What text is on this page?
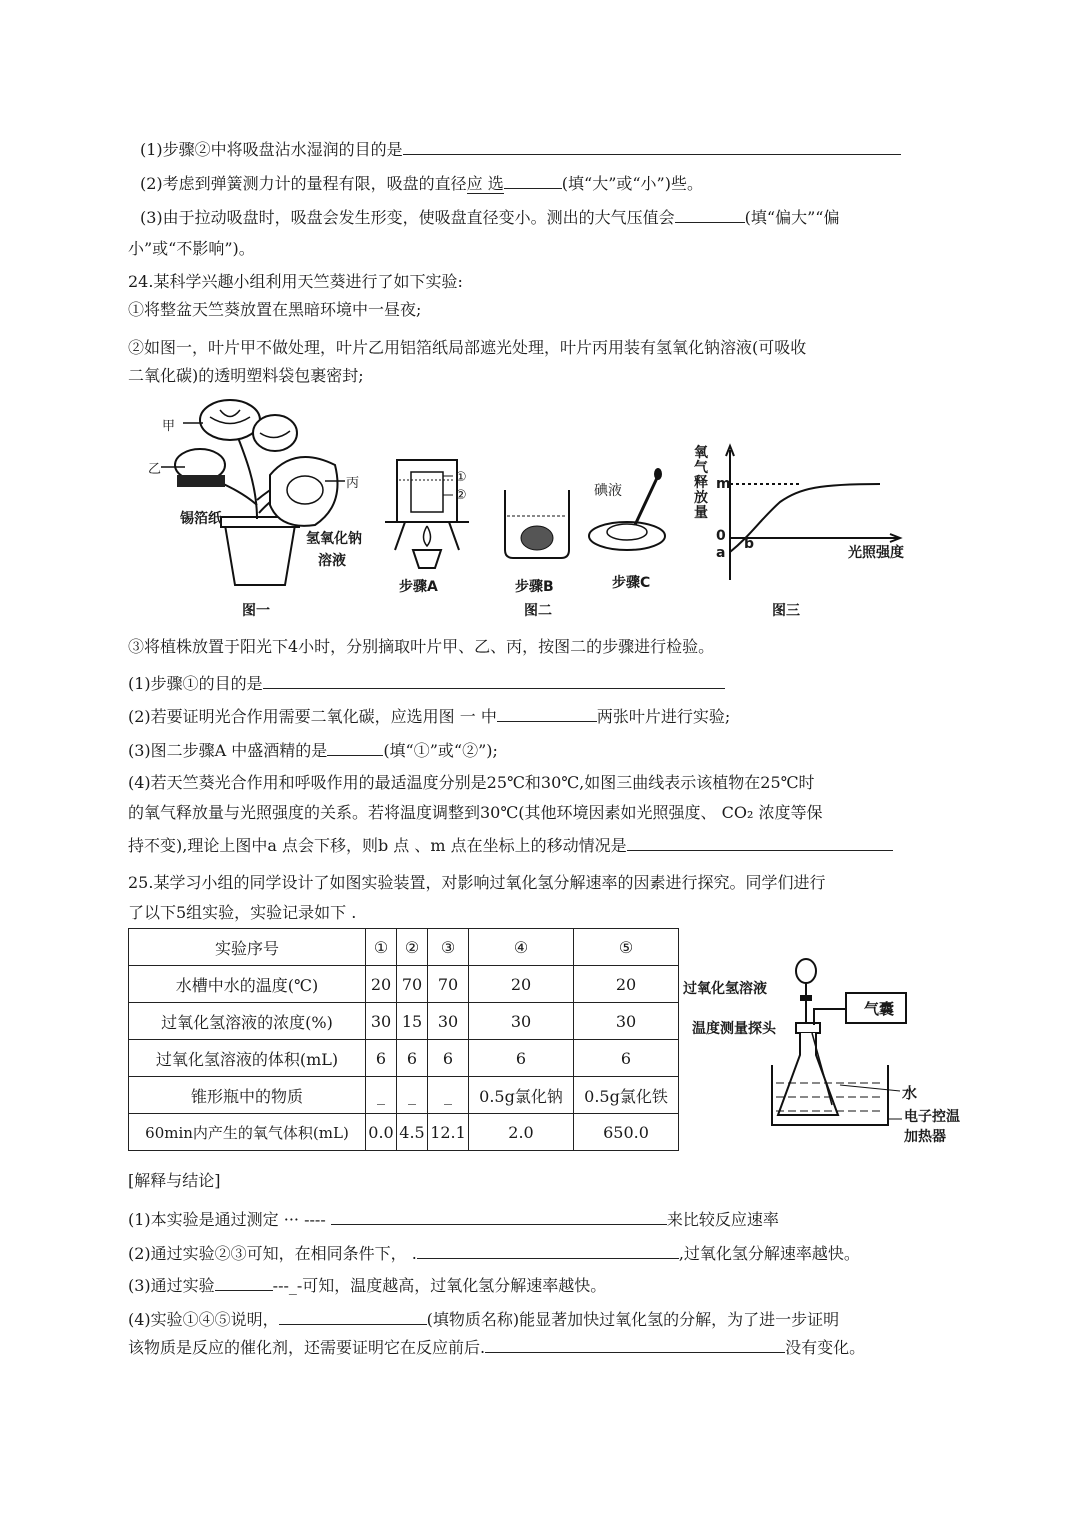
(1)步骤②中将吸盘沾水湿润的目的是
(2)考虑到弹簧测力计的量程有限，吸盘的直径应 选	(填“大”或“小”)些。
(3)由于拉动吸盘时，吸盘会发生形变，使吸盘直径变小。测出的大气压值会	(填“偏大”“偏
小”或“不影响”)。
24.某科学兴趣小组利用天竺葵进行了如下实验:
①将整盆天竺葵放置在黑暗环境中一昼夜;
②如图一，叶片甲不做处理，叶片乙用铝箔纸局部遮光处理，叶片丙用装有氢氧化钠溶液(可吸收
二氧化碳)的透明塑料袋包裹密封;
甲
乙
丙
锡箔纸
氢氧化钠
溶液
图一
①
②
步骤A	步骤B	步骤C
碘液
图二
氧
气
释
放
量
m
0
a
b
光照强度
图三
③将植株放置于阳光下4小时，分别摘取叶片甲、乙、丙，按图二的步骤进行检验。
(1)步骤①的目的是
(2)若要证明光合作用需要二氧化碳，应选用图 一 中	两张叶片进行实验;
(3)图二步骤A 中盛酒精的是	(填“①”或“②”);
(4)若天竺葵光合作用和呼吸作用的最适温度分别是25℃和30℃,如图三曲线表示该植物在25℃时
的氧气释放量与光照强度的关系。若将温度调整到30℃(其他环境因素如光照强度、 CO₂ 浓度等保
持不变),理论上图中a 点会下移，则b 点 、m 点在坐标上的移动情况是
25.某学习小组的同学设计了如图实验装置，对影响过氧化氢分解速率的因素进行探究。同学们进行
了以下5组实验，实验记录如下 .
实验序号	①	②	③	④	⑤
水槽中水的温度(℃)	20	70	70	20	20
过氧化氢溶液的浓度(%)	30	15	30	30	30
过氧化氢溶液的体积(mL)	6	6	6	6	6
锥形瓶中的物质	_	_	_	0.5g氯化钠	0.5g氯化铁
60min内产生的氧气体积(mL)	0.0	4.5	12.1	2.0	650.0
过氧化氢溶液
温度测量探头
气囊
水
电子控温
加热器
[解释与结论]
(1)本实验是通过测定 ··· ----	来比较反应速率
(2)通过实验②③可知，在相同条件下， .	,过氧化氢分解速率越快。
(3)通过实验	---_-可知，温度越高，过氧化氢分解速率越快。
(4)实验①④⑤说明，	(填物质名称)能显著加快过氧化氢的分解，为了进一步证明
该物质是反应的催化剂，还需要证明它在反应前后.	没有变化。
